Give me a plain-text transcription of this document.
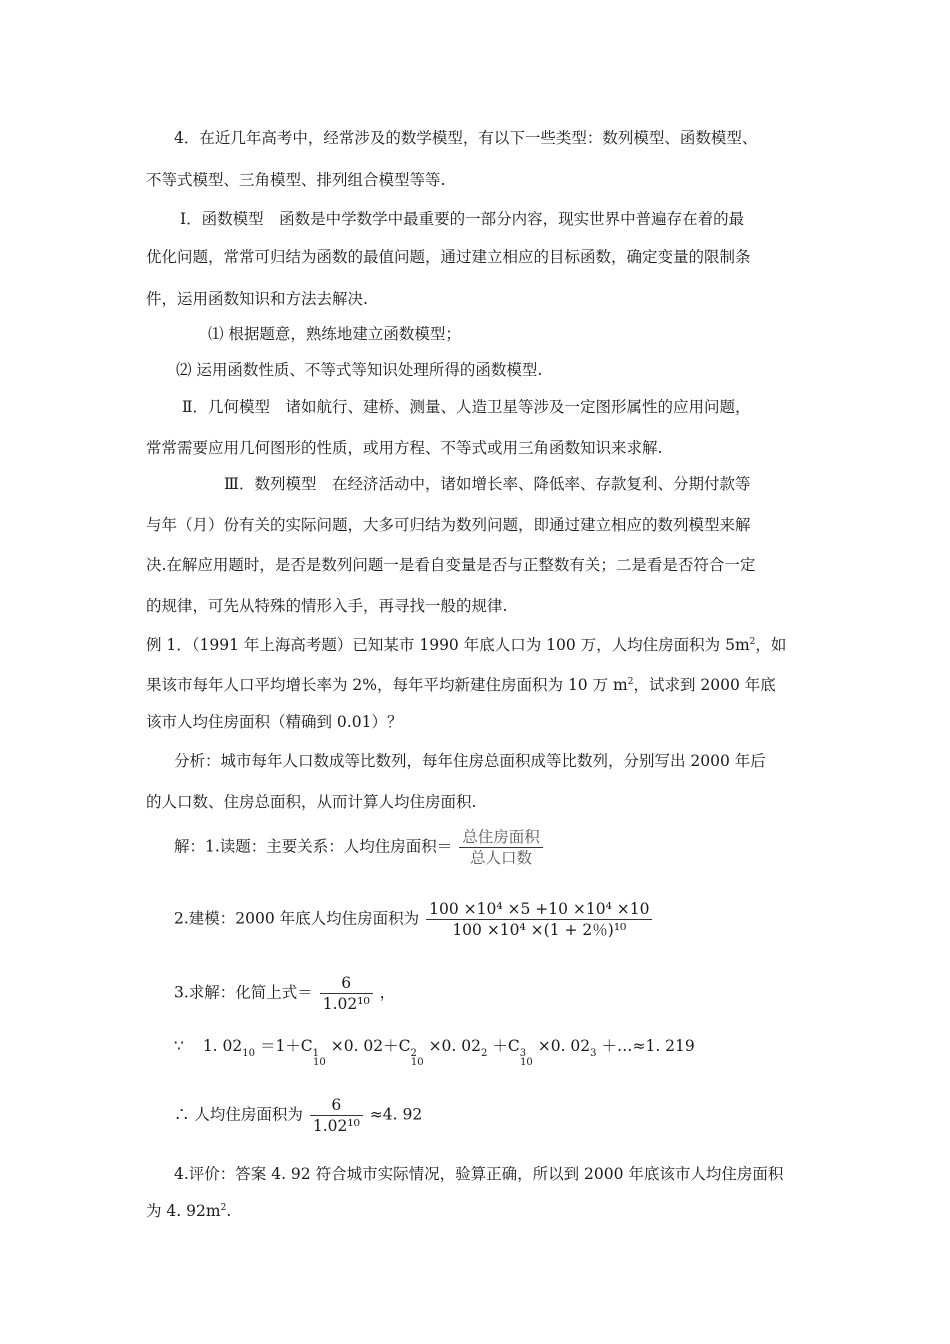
4．在近几年高考中，经常涉及的数学模型，有以下一些类型：数列模型、函数模型、
不等式模型、三角模型、排列组合模型等等.
Ⅰ．函数模型　函数是中学数学中最重要的一部分内容，现实世界中普遍存在着的最
优化问题，常常可归结为函数的最值问题，通过建立相应的目标函数，确定变量的限制条
件，运用函数知识和方法去解决.
⑴ 根据题意，熟练地建立函数模型；
⑵ 运用函数性质、不等式等知识处理所得的函数模型.
Ⅱ．几何模型　诸如航行、建桥、测量、人造卫星等涉及一定图形属性的应用问题，
常常需要应用几何图形的性质，或用方程、不等式或用三角函数知识来求解.
Ⅲ．数列模型　在经济活动中，诸如增长率、降低率、存款复利、分期付款等
与年（月）份有关的实际问题，大多可归结为数列问题，即通过建立相应的数列模型来解
决.在解应用题时，是否是数列问题一是看自变量是否与正整数有关；二是看是否符合一定
的规律，可先从特殊的情形入手，再寻找一般的规律.
例 1．（1991 年上海高考题）已知某市 1990 年底人口为 100 万，人均住房面积为 $5m^2$，如
果该市每年人口平均增长率为 2%，每年平均新建住房面积为 10 万 $m^2$，试求到 2000 年底
该市人均住房面积（精确到 0.01）？
分析：城市每年人口数成等比数列，每年住房总面积成等比数列，分别写出 2000 年后
的人口数、住房总面积，从而计算人均住房面积.
解：1.读题：主要关系：人均住房面积＝ $\frac{\text{总住房面积}}{\text{总人口数}}$
2.建模：2000 年底人均住房面积为 $\frac{\text{100 ×10⁴ ×5 +10 ×10⁴ ×10}}{\text{100 ×10⁴ ×(1 + 2％)¹⁰}}$
3.求解：化简上式＝ $\frac{6}{\text{1.02¹⁰}}$ ，
∵ 1. $02_{10} =1+C_110 \times 0$. $02+C_210 \times 0$. $02_2 +C_310 \times 0$. $02_3$ ＋…≈1. 219
∴ 人均住房面积为 $\frac{6}{\text{1.02¹⁰}} \approx 4$. 92
4.评价：答案 4. 92 符合城市实际情况，验算正确，所以到 2000 年底该市人均住房面积
为 4. $92m^2$.
